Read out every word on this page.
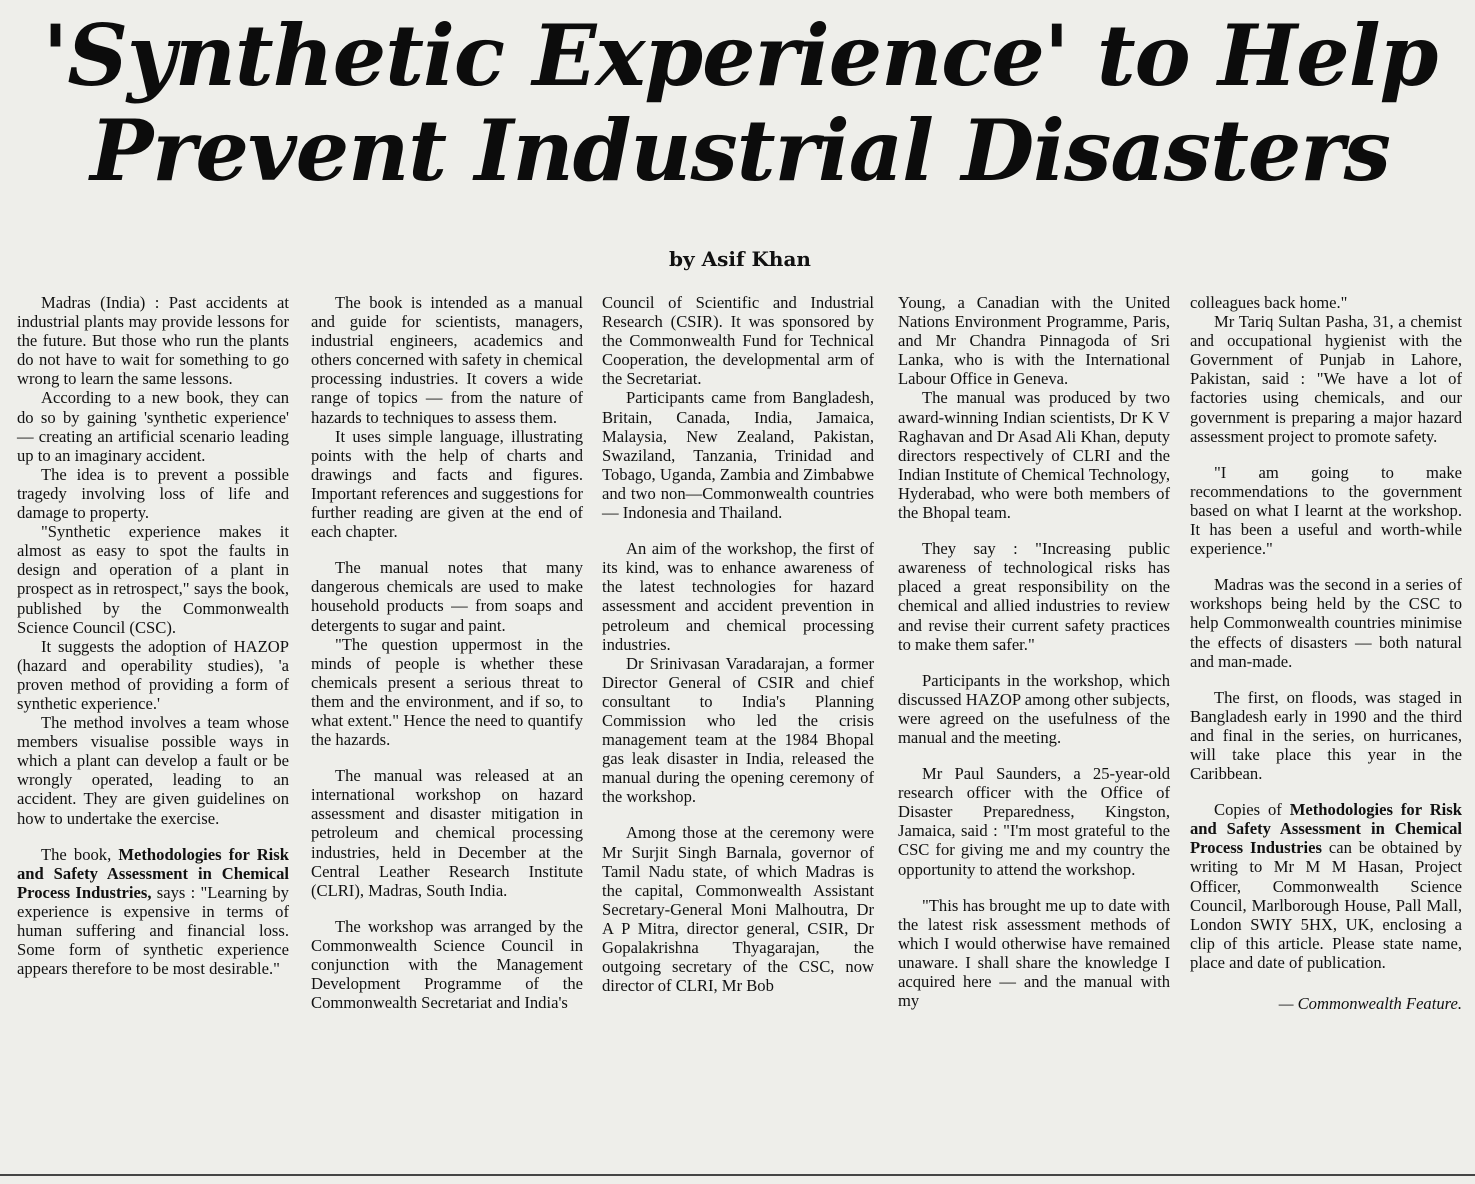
'Synthetic Experience' to Help Prevent Industrial Disasters
by Asif Khan

Madras (India) : Past accidents at industrial plants may provide lessons for the future. But those who run the plants do not have to wait for something to go wrong to learn the same lessons.

According to a new book, they can do so by gaining 'synthetic experience' — creating an artificial scenario leading up to an imaginary accident.

The idea is to prevent a possible tragedy involving loss of life and damage to property.

"Synthetic experience makes it almost as easy to spot the faults in design and operation of a plant in prospect as in retrospect," says the book, published by the Commonwealth Science Council (CSC).

It suggests the adoption of HAZOP (hazard and operability studies), 'a proven method of providing a form of synthetic experience.'

The method involves a team whose members visualise possible ways in which a plant can develop a fault or be wrongly operated, leading to an accident. They are given guidelines on how to undertake the exercise.

The book, Methodologies for Risk and Safety Assessment in Chemical Process Industries, says : "Learning by experience is expensive in terms of human suffering and financial loss. Some form of synthetic experience appears therefore to be most desirable."

The book is intended as a manual and guide for scientists, managers, industrial engineers, academics and others concerned with safety in chemical processing industries. It covers a wide range of topics — from the nature of hazards to techniques to assess them.

It uses simple language, illustrating points with the help of charts and drawings and facts and figures. Important references and suggestions for further reading are given at the end of each chapter.

The manual notes that many dangerous chemicals are used to make household products — from soaps and detergents to sugar and paint.

"The question uppermost in the minds of people is whether these chemicals present a serious threat to them and the environment, and if so, to what extent." Hence the need to quantify the hazards.

The manual was released at an international workshop on hazard assessment and disaster mitigation in petroleum and chemical processing industries, held in December at the Central Leather Research Institute (CLRI), Madras, South India.

The workshop was arranged by the Commonwealth Science Council in conjunction with the Management Development Programme of the Commonwealth Secretariat and India's

Council of Scientific and Industrial Research (CSIR). It was sponsored by the Commonwealth Fund for Technical Cooperation, the developmental arm of the Secretariat.

Participants came from Bangladesh, Britain, Canada, India, Jamaica, Malaysia, New Zealand, Pakistan, Swaziland, Tanzania, Trinidad and Tobago, Uganda, Zambia and Zimbabwe and two non—Commonwealth countries — Indonesia and Thailand.

An aim of the workshop, the first of its kind, was to enhance awareness of the latest technologies for hazard assessment and accident prevention in petroleum and chemical processing industries.

Dr Srinivasan Varadarajan, a former Director General of CSIR and chief consultant to India's Planning Commission who led the crisis management team at the 1984 Bhopal gas leak disaster in India, released the manual during the opening ceremony of the workshop.

Among those at the ceremony were Mr Surjit Singh Barnala, governor of Tamil Nadu state, of which Madras is the capital, Commonwealth Assistant Secretary-General Moni Malhoutra, Dr A P Mitra, director general, CSIR, Dr Gopalakrishna Thyagarajan, the outgoing secretary of the CSC, now director of CLRI, Mr Bob

Young, a Canadian with the United Nations Environment Programme, Paris, and Mr Chandra Pinnagoda of Sri Lanka, who is with the International Labour Office in Geneva.

The manual was produced by two award-winning Indian scientists, Dr K V Raghavan and Dr Asad Ali Khan, deputy directors respectively of CLRI and the Indian Institute of Chemical Technology, Hyderabad, who were both members of the Bhopal team.

They say : "Increasing public awareness of technological risks has placed a great responsibility on the chemical and allied industries to review and revise their current safety practices to make them safer."

Participants in the workshop, which discussed HAZOP among other subjects, were agreed on the usefulness of the manual and the meeting.

Mr Paul Saunders, a 25-year-old research officer with the Office of Disaster Preparedness, Kingston, Jamaica, said : "I'm most grateful to the CSC for giving me and my country the opportunity to attend the workshop.

"This has brought me up to date with the latest risk assessment methods of which I would otherwise have remained unaware. I shall share the knowledge I acquired here — and the manual with my

colleagues back home."

Mr Tariq Sultan Pasha, 31, a chemist and occupational hygienist with the Government of Punjab in Lahore, Pakistan, said : "We have a lot of factories using chemicals, and our government is preparing a major hazard assessment project to promote safety.

"I am going to make recommendations to the government based on what I learnt at the workshop. It has been a useful and worth-while experience."

Madras was the second in a series of workshops being held by the CSC to help Commonwealth countries minimise the effects of disasters — both natural and man-made.

The first, on floods, was staged in Bangladesh early in 1990 and the third and final in the series, on hurricanes, will take place this year in the Caribbean.

Copies of Methodologies for Risk and Safety Assessment in Chemical Process Industries can be obtained by writing to Mr M M Hasan, Project Officer, Commonwealth Science Council, Marlborough House, Pall Mall, London SWIY 5HX, UK, enclosing a clip of this article. Please state name, place and date of publication.

— Commonwealth Feature.
